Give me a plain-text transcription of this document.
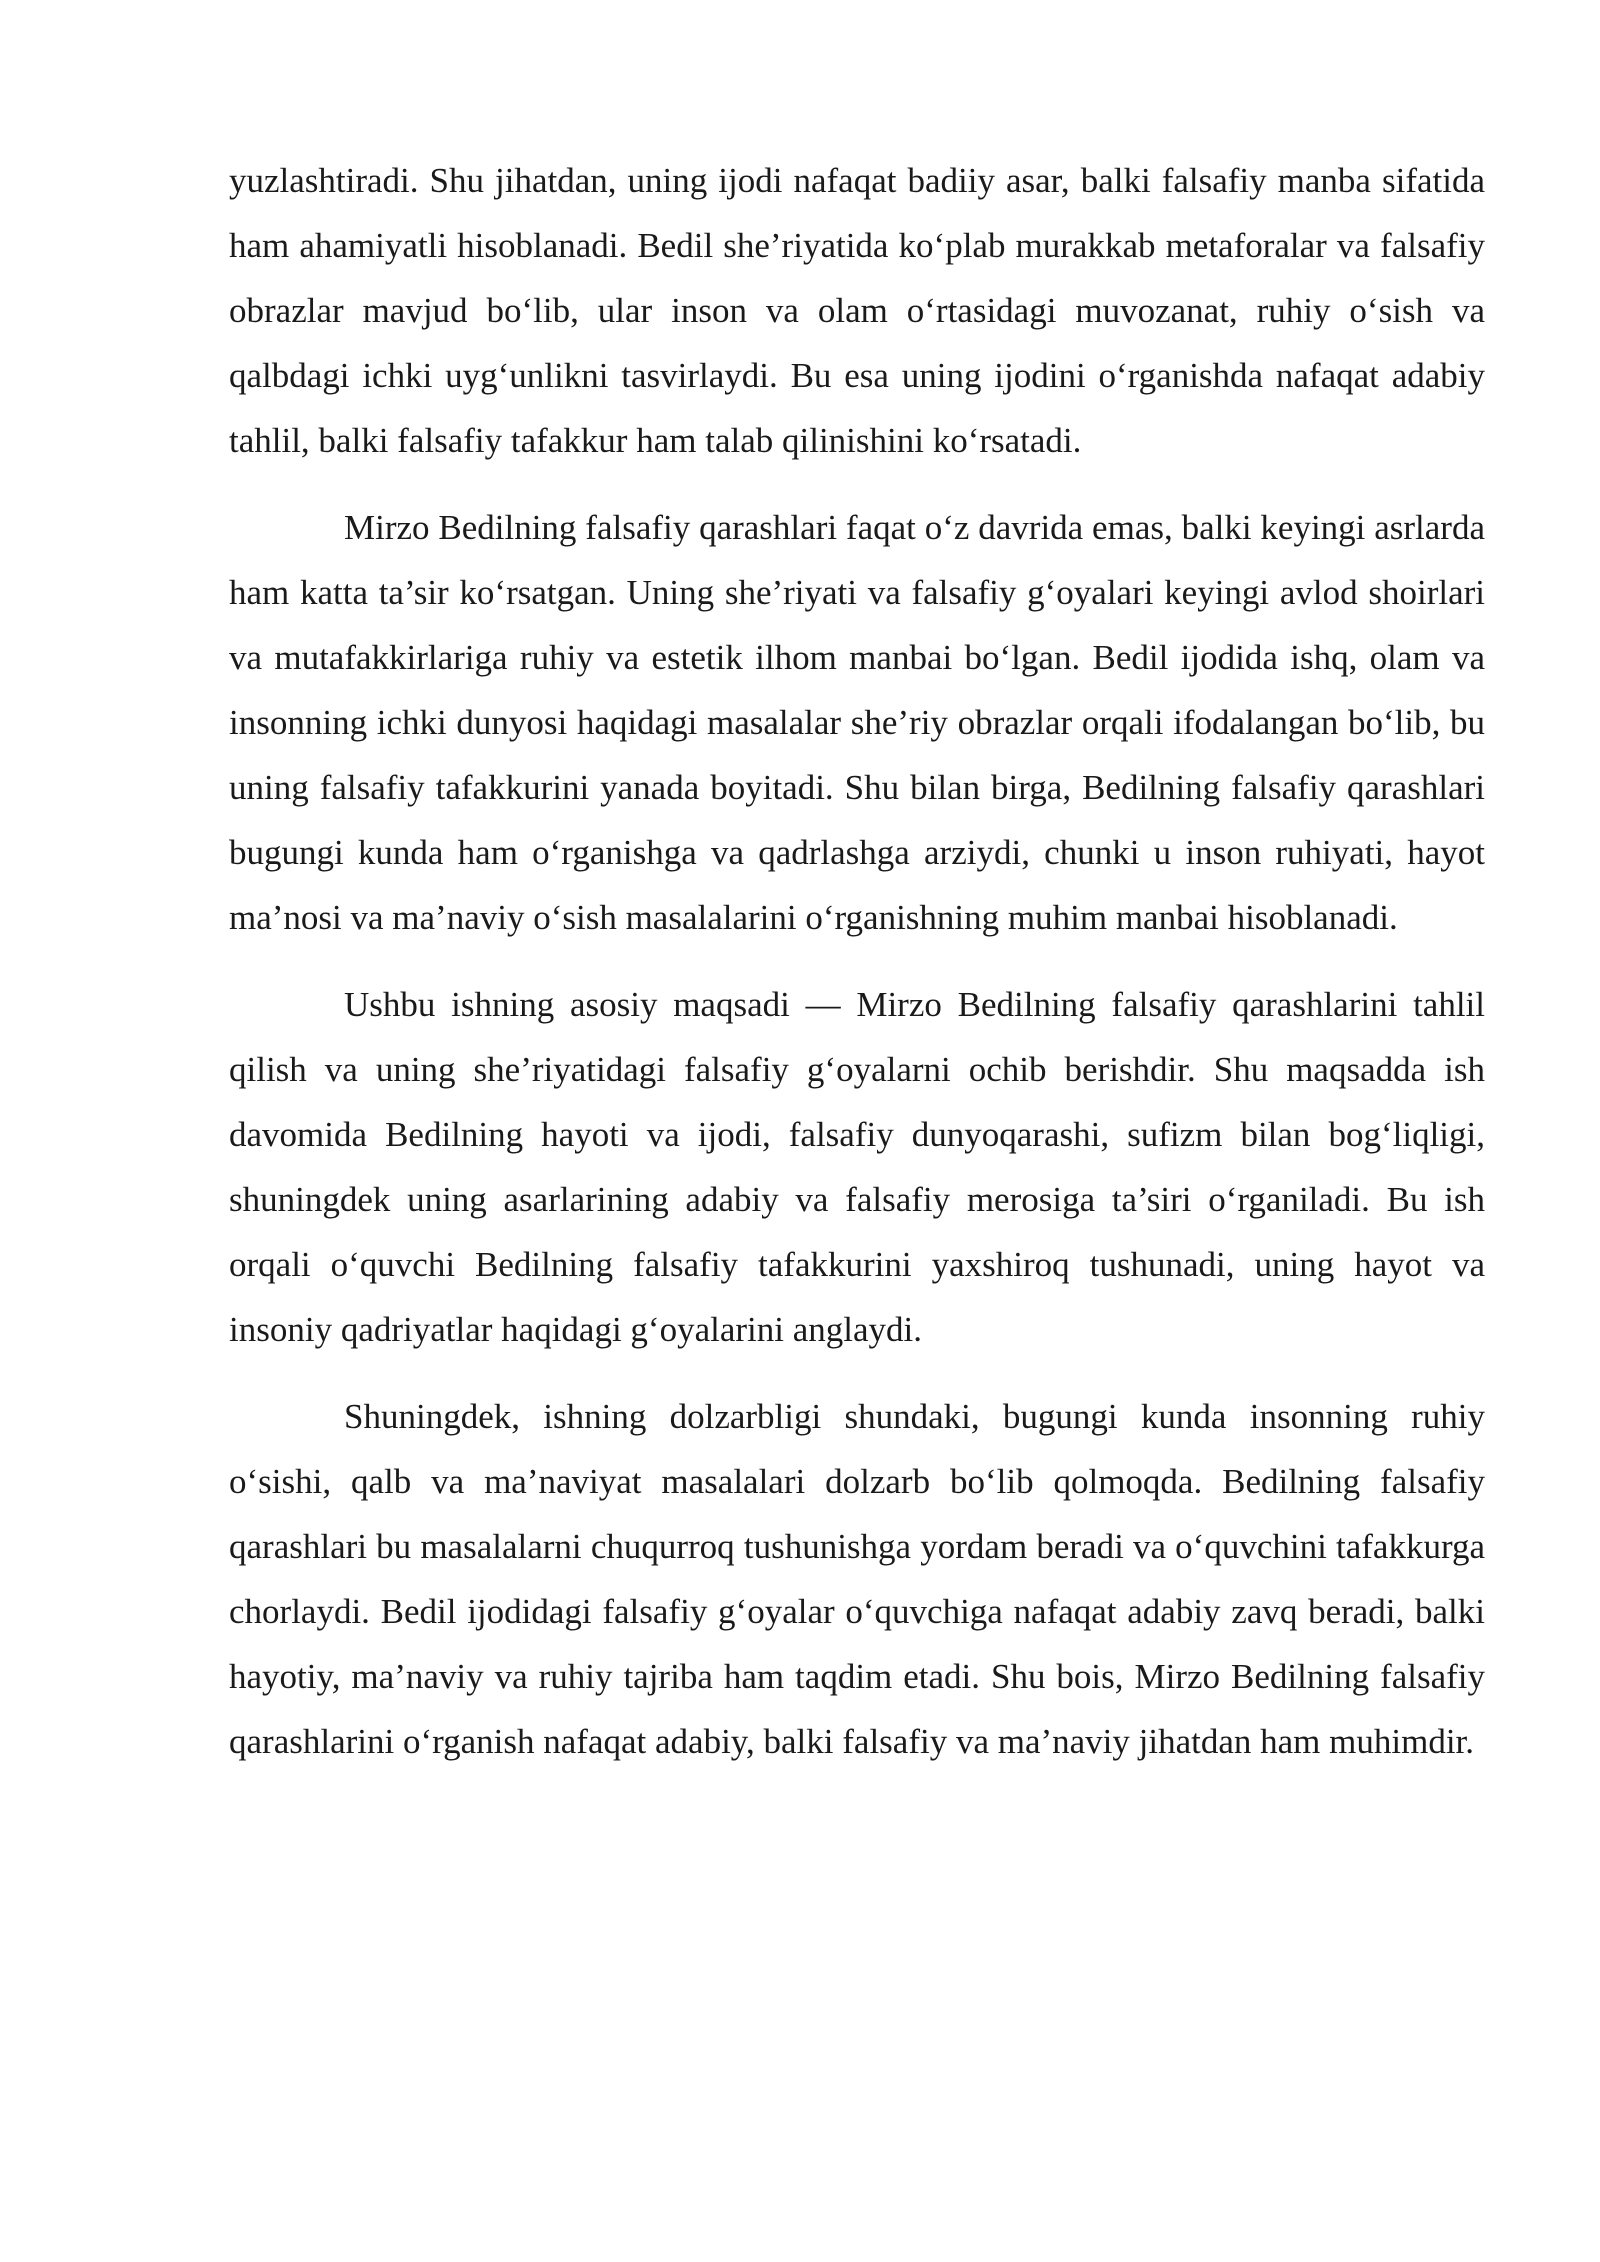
yuzlashtiradi. Shu jihatdan, uning ijodi nafaqat badiiy asar, balki falsafiy manba sifatida ham ahamiyatli hisoblanadi. Bedil she’riyatida ko‘plab murakkab metaforalar va falsafiy obrazlar mavjud bo‘lib, ular inson va olam o‘rtasidagi muvozanat, ruhiy o‘sish va qalbdagi ichki uyg‘unlikni tasvirlaydi. Bu esa uning ijodini o‘rganishda nafaqat adabiy tahlil, balki falsafiy tafakkur ham talab qilinishini ko‘rsatadi.

Mirzo Bedilning falsafiy qarashlari faqat o‘z davrida emas, balki keyingi asrlarda ham katta ta’sir ko‘rsatgan. Uning she’riyati va falsafiy g‘oyalari keyingi avlod shoirlari va mutafakkirlariga ruhiy va estetik ilhom manbai bo‘lgan. Bedil ijodida ishq, olam va insonning ichki dunyosi haqidagi masalalar she’riy obrazlar orqali ifodalangan bo‘lib, bu uning falsafiy tafakkurini yanada boyitadi. Shu bilan birga, Bedilning falsafiy qarashlari bugungi kunda ham o‘rganishga va qadrlashga arziydi, chunki u inson ruhiyati, hayot ma’nosi va ma’naviy o‘sish masalalarini o‘rganishning muhim manbai hisoblanadi.

Ushbu ishning asosiy maqsadi — Mirzo Bedilning falsafiy qarashlarini tahlil qilish va uning she’riyatidagi falsafiy g‘oyalarni ochib berishdir. Shu maqsadda ish davomida Bedilning hayoti va ijodi, falsafiy dunyoqarashi, sufizm bilan bog‘liqligi, shuningdek uning asarlarining adabiy va falsafiy merosiga ta’siri o‘rganiladi. Bu ish orqali o‘quvchi Bedilning falsafiy tafakkurini yaxshiroq tushunadi, uning hayot va insoniy qadriyatlar haqidagi g‘oyalarini anglaydi.

Shuningdek, ishning dolzarbligi shundaki, bugungi kunda insonning ruhiy o‘sishi, qalb va ma’naviyat masalalari dolzarb bo‘lib qolmoqda. Bedilning falsafiy qarashlari bu masalalarni chuqurroq tushunishga yordam beradi va o‘quvchini tafakkurga chorlaydi. Bedil ijodidagi falsafiy g‘oyalar o‘quvchiga nafaqat adabiy zavq beradi, balki hayotiy, ma’naviy va ruhiy tajriba ham taqdim etadi. Shu bois, Mirzo Bedilning falsafiy qarashlarini o‘rganish nafaqat adabiy, balki falsafiy va ma’naviy jihatdan ham muhimdir.
